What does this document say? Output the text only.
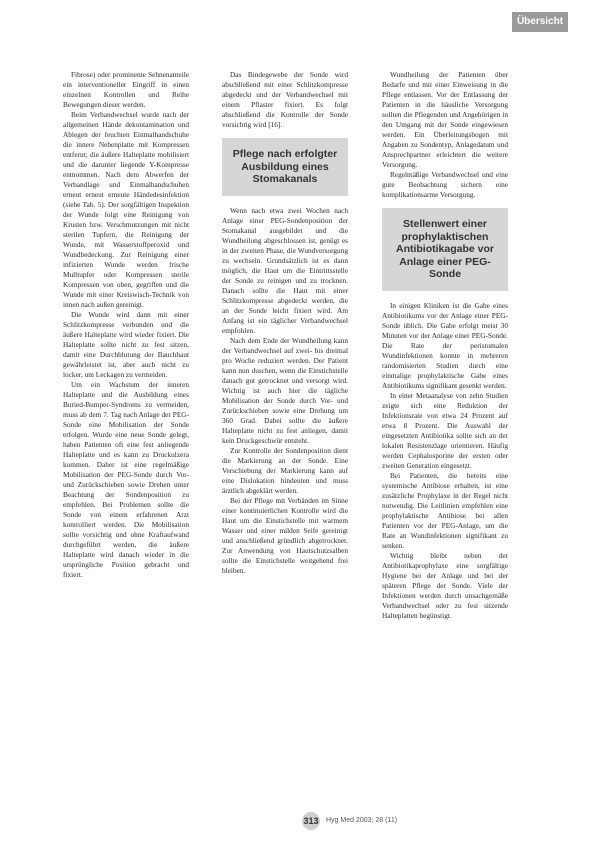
Übersicht

Fibrose) oder prominente Sehnenanteile ein interventioneller Eingriff in einen einzelnen Kontrollen und Reihe Bewegungen dieser werden.

Beim Verbandwechsel wurde nach der allgemeinen Hände dekontamination und Ablegen der feuchten Einmalhandschuhe die innere Nebenplatte mit Kompressen entfernt; die äußere Halteplatte mobilisiert und die darunter liegende Y-Kompresse entnommen. Nach dem Abwerfen der Verbandlage und Einmalhandschuhen erneut erneut erneute Händedesinfektion (siehe Tab. 5). Der sorgfältigen Inspektion der Wunde folgt eine Reinigung von Krusten bzw. Verschmutzungen mit nicht sterilen Tupfern, die Reinigung der Wunde, mit Wasserstoffperoxid und Wundbedeckung. Zur Reinigung einer infizierten Wunde werden frische Mulltupfer oder Kompressen sterile Kompressen von oben, gegriffen und die Wunde mit einer Kreiswisch-Technik von innen nach außen gereinigt.

Die Wunde wird dann mit einer Schlitzkompresse verbunden und die äußere Halteplatte wird wieder fixiert. Die Halteplatte sollte nicht zu fest sitzen, damit eine Durchblutung der Bauchhaut gewährleistet ist, aber auch nicht zu locker, um Leckagen zu vermeiden.

Um ein Wachstum der inneren Halteplatte und die Ausbildung eines Buried-Bumper-Syndroms zu vermeiden, muss ab dem 7. Tag nach Anlage der PEG-Sonde eine Mobilisation der Sonde erfolgen. Wurde eine neue Sonde gelegt, haben Patienten oft eine fest anliegende Halteplatte und es kann zu Druckulzera kommen. Daher ist eine regelmäßige Mobilisation der PEG-Sonde durch Vor- und Zurückschieben sowie Drehen unter Beachtung der Sondenposition zu empfehlen. Bei Problemen sollte die Sonde von einem erfahrenen Arzt kontrolliert werden. Die Mobilisation sollte vorsichtig und ohne Kraftaufwand durchgeführt werden, die äußere Halteplatte wird danach wieder in die ursprüngliche Position gebracht und fixiert.

Das Bindegewebe der Sonde wird abschließend mit einer Schlitzkompresse abgedeckt und der Verbandwechsel mit einem Pflaster fixiert. Es folgt abschließend die Kontrolle der Sonde vorsichtig wird [16].

Pflege nach erfolgter Ausbildung eines Stomakanals

Wenn nach etwa zwei Wochen nach Anlage einer PEG-Sondenposition der Stomakanal ausgebildet und die Wundheilung abgeschlossen ist, genügt es in der zweiten Phase, die Wundversorgung zu wechseln. Grundsätzlich ist es dann möglich, die Haut um die Eintrittsstelle der Sonde zu reinigen und zu trocknen. Danach sollte die Haut mit einer Schlitzkompresse abgedeckt werden, die an der Sonde leicht fixiert wird. Am Anfang ist ein täglicher Verbandwechsel empfohlen.

Nach dem Ende der Wundheilung kann der Verbandwechsel auf zwei- bis dreimal pro Woche reduziert werden. Der Patient kann nun duschen, wenn die Einstichstelle danach gut getrocknet und versorgt wird. Wichtig ist auch hier die tägliche Mobilisation der Sonde durch Vor- und Zurückschieben sowie eine Drehung um 360 Grad. Dabei sollte die äußere Halteplatte nicht zu fest anliegen, damit kein Druckgeschwür entsteht.

Zur Kontrolle der Sondenposition dient die Markierung an der Sonde. Eine Verschiebung der Markierung kann auf eine Dislokation hindeuten und muss ärztlich abgeklärt werden.

Bei der Pflege mit Verbänden im Sinne einer kontinuierlichen Kontrolle wird die Haut um die Einstichstelle mit warmem Wasser und einer milden Seife gereinigt und anschließend gründlich abgetrocknet. Zur Anwendung von Hautschutzsalben sollte die Einstichstelle weitgehend frei bleiben.

Wundheilung der Patienten über Bedarfe und mit einer Einweisung in die Pflege entlassen. Vor der Entlassung der Patienten in die häusliche Versorgung sollten die Pflegenden und Angehörigen in den Umgang mit der Sonde eingewiesen werden. Ein Überleitungsbogen mit Angaben zu Sondentyp, Anlagedatum und Ansprechpartner erleichtert die weitere Versorgung.

Regelmäßige Verbandwechsel und eine gute Beobachtung sichern eine komplikationsarme Versorgung.

Stellenwert einer prophylaktischen Antibiotikagabe vor Anlage einer PEG-Sonde

In einigen Kliniken ist die Gabe eines Antibiotikums vor der Anlage einer PEG-Sonde üblich. Die Gabe erfolgt meist 30 Minuten vor der Anlage einer PEG-Sonde. Die Rate der peristomalen Wundinfektionen konnte in mehreren randomisierten Studien durch eine einmalige prophylaktische Gabe eines Antibiotikums signifikant gesenkt werden.

In einer Metaanalyse von zehn Studien zeigte sich eine Reduktion der Infektionsrate von etwa 24 Prozent auf etwa 8 Prozent. Die Auswahl der eingesetzten Antibiotika sollte sich an der lokalen Resistenzlage orientieren. Häufig werden Cephalosporine der ersten oder zweiten Generation eingesetzt.

Bei Patienten, die bereits eine systemische Antibiose erhalten, ist eine zusätzliche Prophylaxe in der Regel nicht notwendig. Die Leitlinien empfehlen eine prophylaktische Antibiose bei allen Patienten vor der PEG-Anlage, um die Rate an Wundinfektionen signifikant zu senken.

Wichtig bleibt neben der Antibiotikaprophylaxe eine sorgfältige Hygiene bei der Anlage und bei der späteren Pflege der Sonde. Viele der Infektionen werden durch unsachgemäße Verbandwechsel oder zu fest sitzende Halteplatten begünstigt.

313 Hyg Med 2003; 28 (11)
